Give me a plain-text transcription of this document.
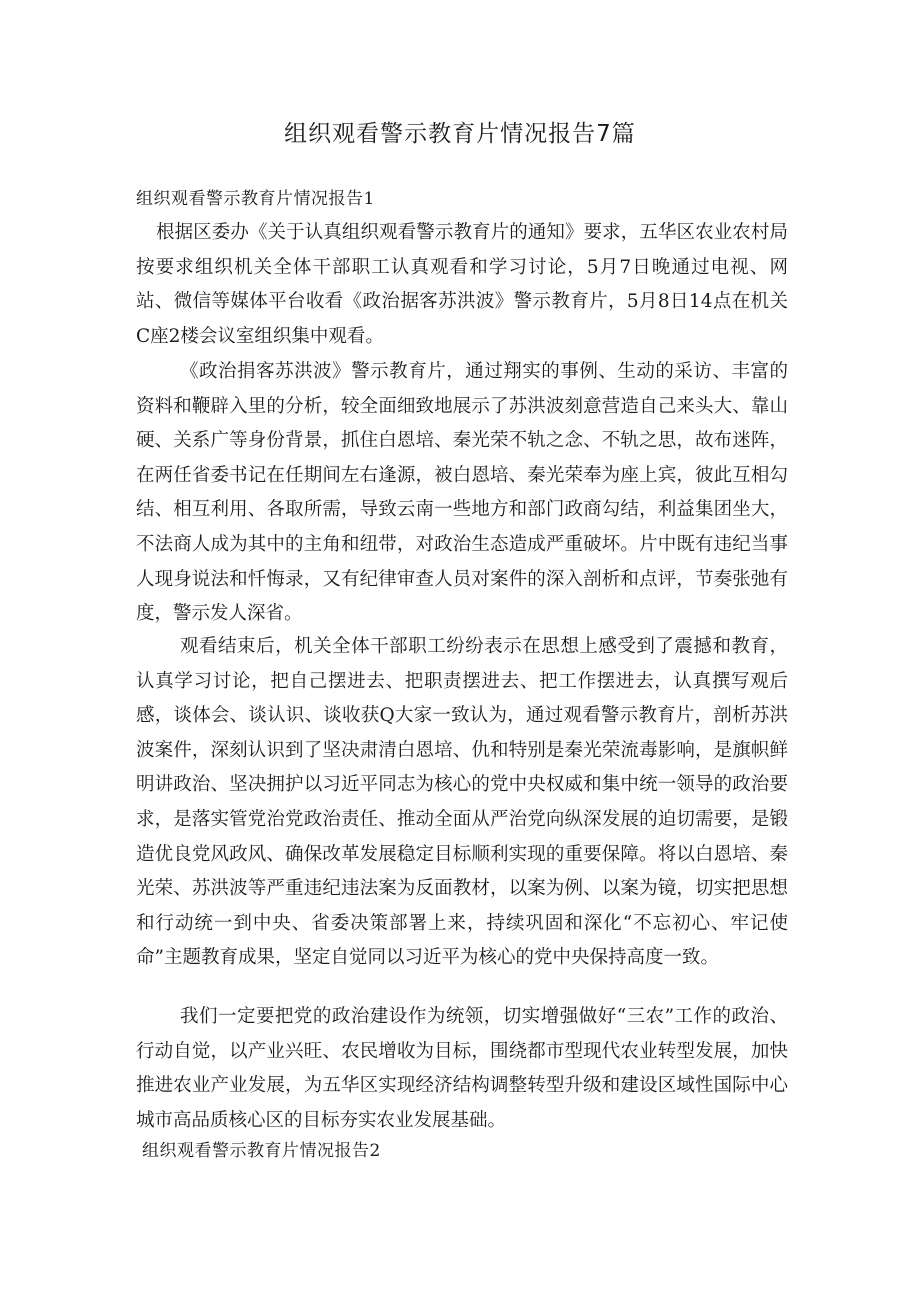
组织观看警示教育片情况报告7篇
组织观看警示教育片情况报告1

根据区委办《关于认真组织观看警示教育片的通知》要求，五华区农业农村局按要求组织机关全体干部职工认真观看和学习讨论，5月7日晚通过电视、网站、微信等媒体平台收看《政治据客苏洪波》警示教育片，5月8日14点在机关C座2楼会议室组织集中观看。

《政治捐客苏洪波》警示教育片，通过翔实的事例、生动的采访、丰富的资料和鞭辟入里的分析，较全面细致地展示了苏洪波刻意营造自己来头大、靠山硬、关系广等身份背景，抓住白恩培、秦光荣不轨之念、不轨之思，故布迷阵，在两任省委书记在任期间左右逢源，被白恩培、秦光荣奉为座上宾，彼此互相勾结、相互利用、各取所需，导致云南一些地方和部门政商勾结，利益集团坐大，不法商人成为其中的主角和纽带，对政治生态造成严重破坏。片中既有违纪当事人现身说法和忏悔录，又有纪律审查人员对案件的深入剖析和点评，节奏张弛有度，警示发人深省。

观看结束后，机关全体干部职工纷纷表示在思想上感受到了震撼和教育，认真学习讨论，把自己摆进去、把职责摆进去、把工作摆进去，认真撰写观后感，谈体会、谈认识、谈收获Q大家一致认为，通过观看警示教育片，剖析苏洪波案件，深刻认识到了坚决肃清白恩培、仇和特别是秦光荣流毒影响，是旗帜鲜明讲政治、坚决拥护以习近平同志为核心的党中央权威和集中统一领导的政治要求，是落实管党治党政治责任、推动全面从严治党向纵深发展的迫切需要，是锻造优良党风政风、确保改革发展稳定目标顺利实现的重要保障。将以白恩培、秦光荣、苏洪波等严重违纪违法案为反面教材，以案为例、以案为镜，切实把思想和行动统一到中央、省委决策部署上来，持续巩固和深化“不忘初心、牢记使命”主题教育成果，坚定自觉同以习近平为核心的党中央保持高度一致。

我们一定要把党的政治建设作为统领，切实增强做好“三农”工作的政治、行动自觉，以产业兴旺、农民增收为目标，围绕都市型现代农业转型发展，加快推进农业产业发展，为五华区实现经济结构调整转型升级和建设区域性国际中心城市高品质核心区的目标夯实农业发展基础。

组织观看警示教育片情况报告2
